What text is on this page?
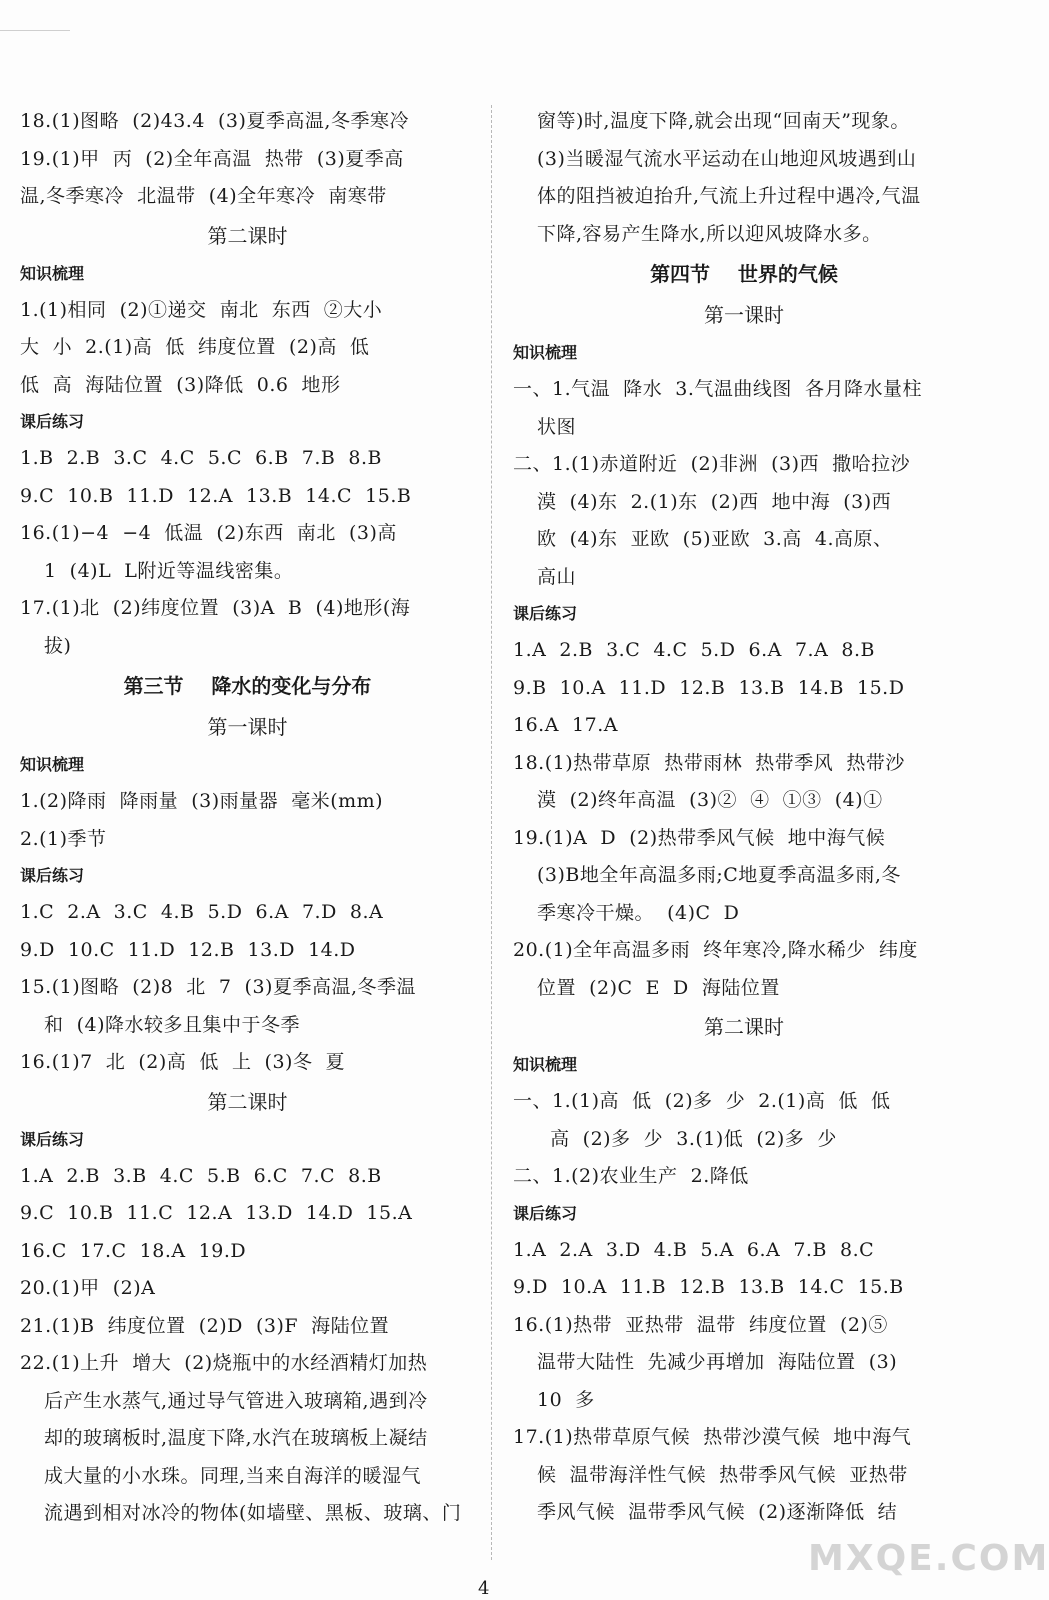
18.(1)图略  (2)43.4  (3)夏季高温,冬季寒冷
19.(1)甲  丙  (2)全年高温  热带  (3)夏季高
温,冬季寒冷  北温带  (4)全年寒冷  南寒带
第二课时
知识梳理
1.(1)相同  (2)①递交  南北  东西  ②大小
大  小  2.(1)高  低  纬度位置  (2)高  低
低  高  海陆位置  (3)降低  0.6  地形
课后练习
1.B  2.B  3.C  4.C  5.C  6.B  7.B  8.B
9.C  10.B  11.D  12.A  13.B  14.C  15.B
16.(1)−4  −4  低温  (2)东西  南北  (3)高
1  (4)L  L附近等温线密集。
17.(1)北  (2)纬度位置  (3)A  B  (4)地形(海
拔)
第三节    降水的变化与分布
第一课时
知识梳理
1.(2)降雨  降雨量  (3)雨量器  毫米(mm)
2.(1)季节
课后练习
1.C  2.A  3.C  4.B  5.D  6.A  7.D  8.A
9.D  10.C  11.D  12.B  13.D  14.D
15.(1)图略  (2)8  北  7  (3)夏季高温,冬季温
和  (4)降水较多且集中于冬季
16.(1)7  北  (2)高  低  上  (3)冬  夏
第二课时
课后练习
1.A  2.B  3.B  4.C  5.B  6.C  7.C  8.B
9.C  10.B  11.C  12.A  13.D  14.D  15.A
16.C  17.C  18.A  19.D
20.(1)甲  (2)A
21.(1)B  纬度位置  (2)D  (3)F  海陆位置
22.(1)上升  增大  (2)烧瓶中的水经酒精灯加热
后产生水蒸气,通过导气管进入玻璃箱,遇到冷
却的玻璃板时,温度下降,水汽在玻璃板上凝结
成大量的小水珠。同理,当来自海洋的暖湿气
流遇到相对冰冷的物体(如墙壁、黑板、玻璃、门
窗等)时,温度下降,就会出现“回南天”现象。
(3)当暖湿气流水平运动在山地迎风坡遇到山
体的阻挡被迫抬升,气流上升过程中遇冷,气温
下降,容易产生降水,所以迎风坡降水多。
第四节    世界的气候
第一课时
知识梳理
一、1.气温  降水  3.气温曲线图  各月降水量柱
状图
二、1.(1)赤道附近  (2)非洲  (3)西  撒哈拉沙
漠  (4)东  2.(1)东  (2)西  地中海  (3)西
欧  (4)东  亚欧  (5)亚欧  3.高  4.高原、
高山
课后练习
1.A  2.B  3.C  4.C  5.D  6.A  7.A  8.B
9.B  10.A  11.D  12.B  13.B  14.B  15.D
16.A  17.A
18.(1)热带草原  热带雨林  热带季风  热带沙
漠  (2)终年高温  (3)②  ④  ①③  (4)①
19.(1)A  D  (2)热带季风气候  地中海气候
(3)B地全年高温多雨;C地夏季高温多雨,冬
季寒冷干燥。  (4)C  D
20.(1)全年高温多雨  终年寒冷,降水稀少  纬度
位置  (2)C  E  D  海陆位置
第二课时
知识梳理
一、1.(1)高  低  (2)多  少  2.(1)高  低  低
高  (2)多  少  3.(1)低  (2)多  少
二、1.(2)农业生产  2.降低
课后练习
1.A  2.A  3.D  4.B  5.A  6.A  7.B  8.C
9.D  10.A  11.B  12.B  13.B  14.C  15.B
16.(1)热带  亚热带  温带  纬度位置  (2)⑤
温带大陆性  先减少再增加  海陆位置  (3)
10  多
17.(1)热带草原气候  热带沙漠气候  地中海气
候  温带海洋性气候  热带季风气候  亚热带
季风气候  温带季风气候  (2)逐渐降低  结
4
MXQE.COM
